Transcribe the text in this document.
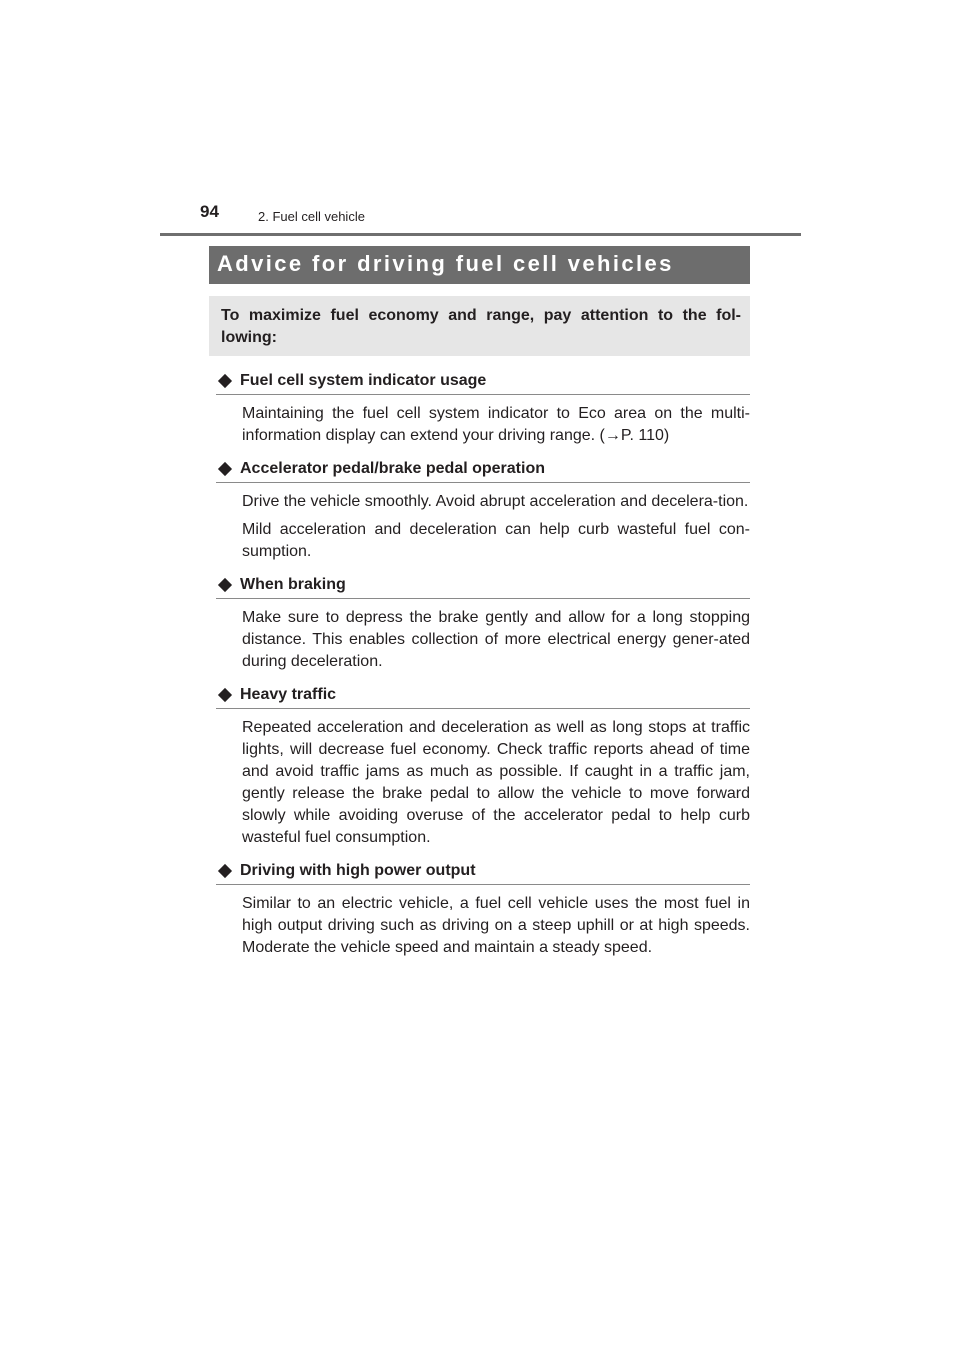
94	2. Fuel cell vehicle
Advice for driving fuel cell vehicles
To maximize fuel economy and range, pay attention to the fol-lowing:
Fuel cell system indicator usage

Maintaining the fuel cell system indicator to Eco area on the multi-information display can extend your driving range. (→P. 110)

Accelerator pedal/brake pedal operation

Drive the vehicle smoothly. Avoid abrupt acceleration and decelera-tion.

Mild acceleration and deceleration can help curb wasteful fuel con-sumption.

When braking

Make sure to depress the brake gently and allow for a long stopping distance. This enables collection of more electrical energy gener-ated during deceleration.

Heavy traffic

Repeated acceleration and deceleration as well as long stops at traffic lights, will decrease fuel economy. Check traffic reports ahead of time and avoid traffic jams as much as possible. If caught in a traffic jam, gently release the brake pedal to allow the vehicle to move forward slowly while avoiding overuse of the accelerator pedal to help curb wasteful fuel consumption.

Driving with high power output

Similar to an electric vehicle, a fuel cell vehicle uses the most fuel in high output driving such as driving on a steep uphill or at high speeds. Moderate the vehicle speed and maintain a steady speed.
